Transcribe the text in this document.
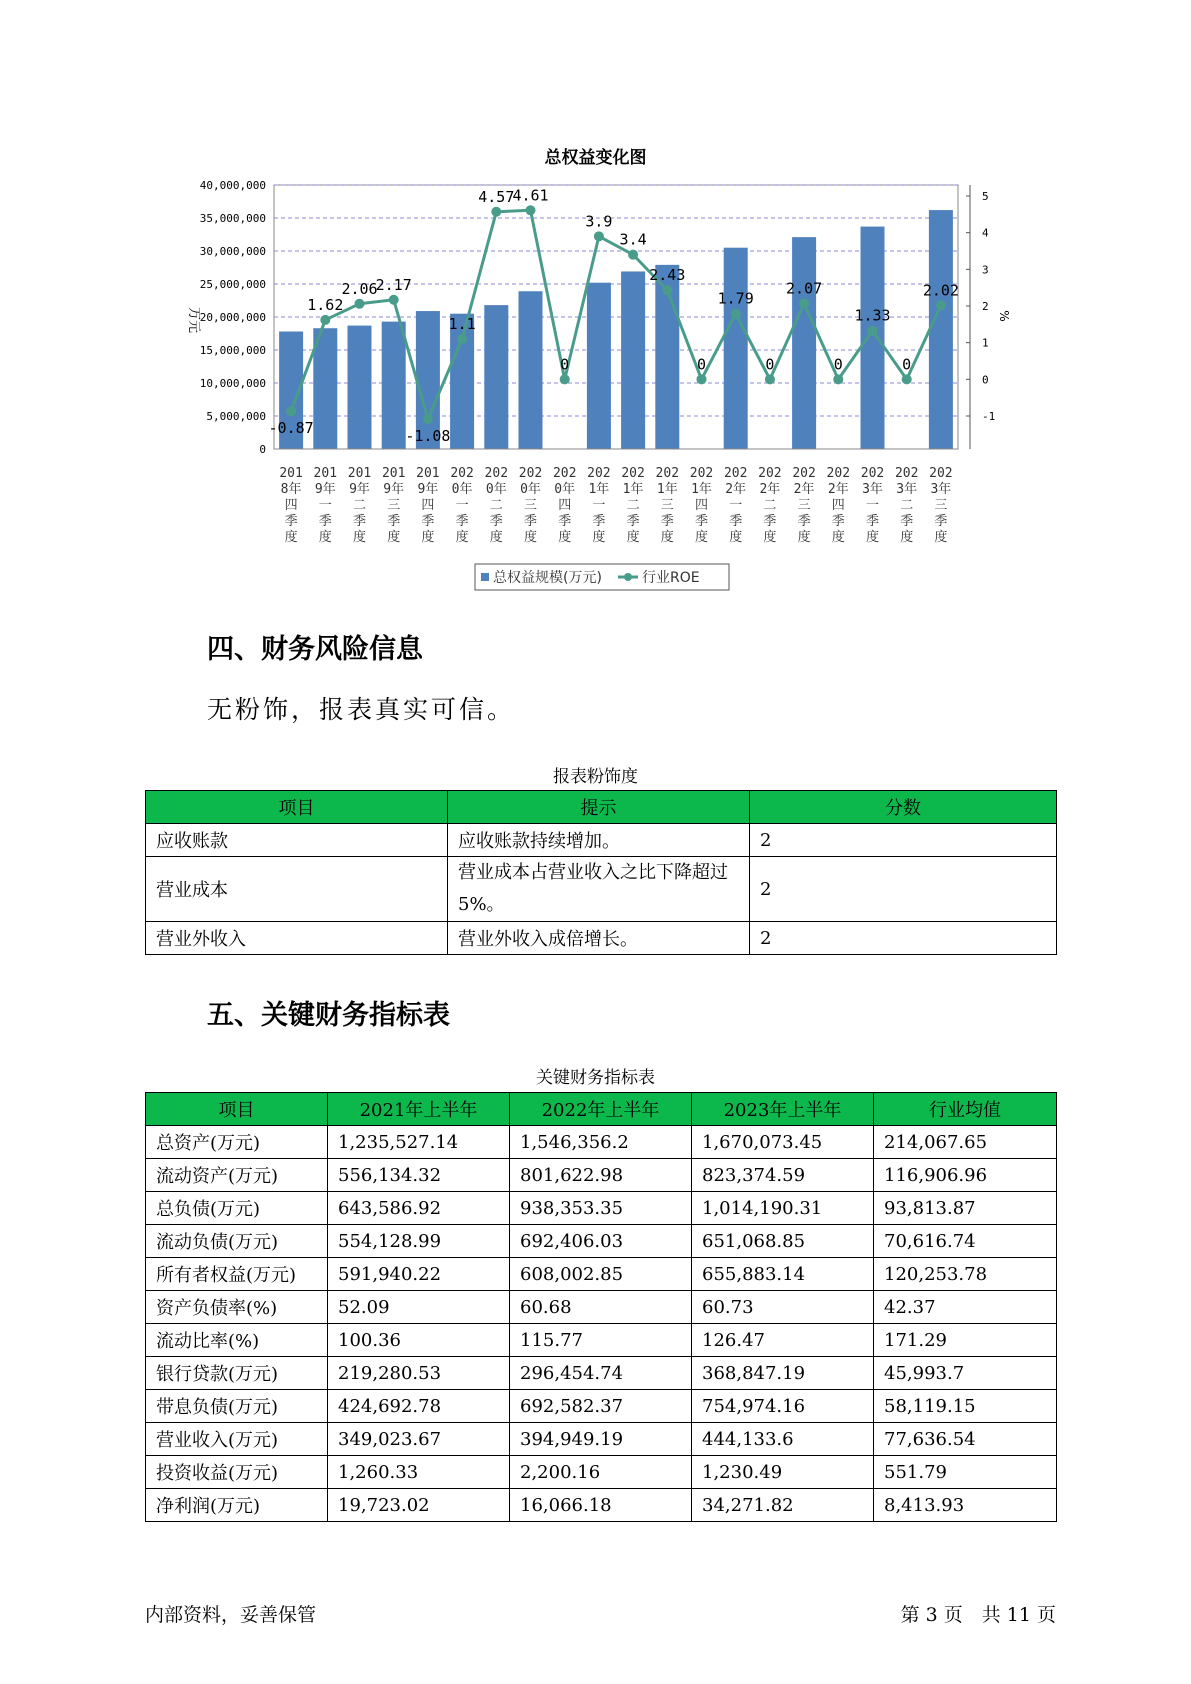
总权益变化图
0
5,000,000
10,000,000
15,000,000
20,000,000
25,000,000
30,000,000
35,000,000
40,000,000
万元
-1
0
1
2
3
4
5
%
-0.87
1.62
2.06
2.17
-1.08
1.1
4.57
4.61
0
3.9
3.4
2.43
0
1.79
0
2.07
0
1.33
0
2.02
201 8年四季度
201 9年一季度
201 9年二季度
201 9年三季度
201 9年四季度
202 0年一季度
202 0年二季度
202 0年三季度
202 0年四季度
202 1年一季度
202 1年二季度
202 1年三季度
202 1年四季度
202 2年一季度
202 2年二季度
202 2年三季度
202 2年四季度
202 3年一季度
202 3年二季度
202 3年三季度
总权益规模(万元)	行业ROE
四、财务风险信息
无粉饰，报表真实可信。
报表粉饰度
项目	提示	分数
应收账款	应收账款持续增加。	2
营业成本	营业成本占营业收入之比下降超过5%。	2
营业外收入	营业外收入成倍增长。	2
五、关键财务指标表
关键财务指标表
项目	2021年上半年	2022年上半年	2023年上半年	行业均值
总资产(万元)	1,235,527.14	1,546,356.2	1,670,073.45	214,067.65
流动资产(万元)	556,134.32	801,622.98	823,374.59	116,906.96
总负债(万元)	643,586.92	938,353.35	1,014,190.31	93,813.87
流动负债(万元)	554,128.99	692,406.03	651,068.85	70,616.74
所有者权益(万元)	591,940.22	608,002.85	655,883.14	120,253.78
资产负债率(%)	52.09	60.68	60.73	42.37
流动比率(%)	100.36	115.77	126.47	171.29
银行贷款(万元)	219,280.53	296,454.74	368,847.19	45,993.7
带息负债(万元)	424,692.78	692,582.37	754,974.16	58,119.15
营业收入(万元)	349,023.67	394,949.19	444,133.6	77,636.54
投资收益(万元)	1,260.33	2,200.16	1,230.49	551.79
净利润(万元)	19,723.02	16,066.18	34,271.82	8,413.93
内部资料，妥善保管	第 3 页　共 11 页
